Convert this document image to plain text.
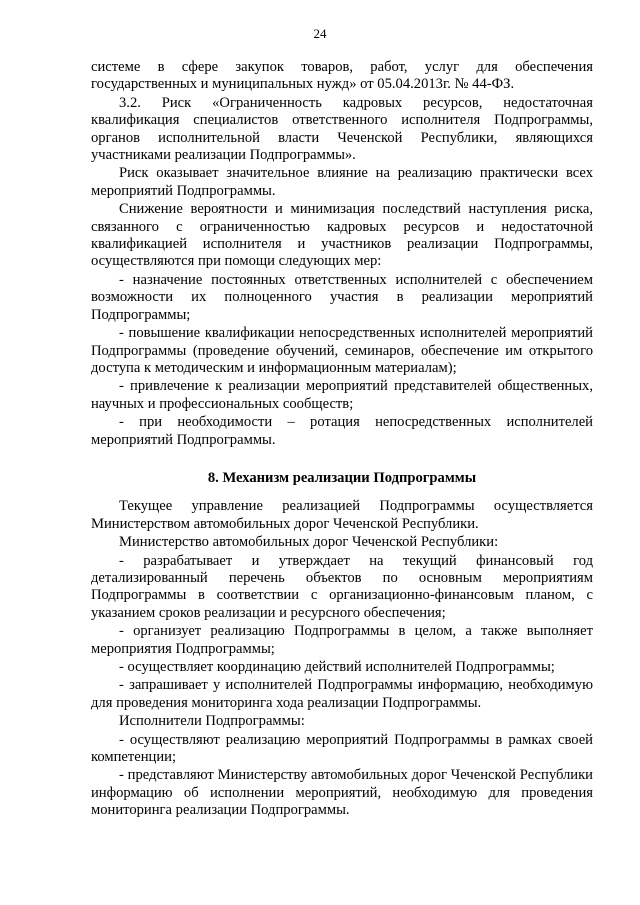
24

системе в сфере закупок товаров, работ, услуг для обеспечения государственных и муниципальных нужд» от 05.04.2013г. № 44-ФЗ.

3.2. Риск «Ограниченность кадровых ресурсов, недостаточная квалификация специалистов ответственного исполнителя Подпрограммы, органов исполнительной власти Чеченской Республики, являющихся участниками реализации Подпрограммы».

Риск оказывает значительное влияние на реализацию практически всех мероприятий Подпрограммы.

Снижение вероятности и минимизация последствий наступления риска, связанного с ограниченностью кадровых ресурсов и недостаточной квалификацией исполнителя и участников реализации Подпрограммы, осуществляются при помощи следующих мер:

- назначение постоянных ответственных исполнителей с обеспечением возможности их полноценного участия в реализации мероприятий Подпрограммы;

- повышение квалификации непосредственных исполнителей мероприятий Подпрограммы (проведение обучений, семинаров, обеспечение им открытого доступа к методическим и информационным материалам);

- привлечение к реализации мероприятий представителей общественных, научных и профессиональных сообществ;

- при необходимости – ротация непосредственных исполнителей мероприятий Подпрограммы.

8. Механизм реализации Подпрограммы

Текущее управление реализацией Подпрограммы осуществляется Министерством автомобильных дорог Чеченской Республики.

Министерство автомобильных дорог Чеченской Республики:

- разрабатывает и утверждает на текущий финансовый год детализированный перечень объектов по основным мероприятиям Подпрограммы в соответствии с организационно-финансовым планом, с указанием сроков реализации и ресурсного обеспечения;

- организует реализацию Подпрограммы в целом, а также выполняет мероприятия Подпрограммы;

- осуществляет координацию действий исполнителей Подпрограммы;

- запрашивает у исполнителей Подпрограммы информацию, необходимую для проведения мониторинга хода реализации Подпрограммы.

Исполнители Подпрограммы:

- осуществляют реализацию мероприятий Подпрограммы в рамках своей компетенции;

- представляют Министерству автомобильных дорог Чеченской Республики информацию об исполнении мероприятий, необходимую для проведения мониторинга реализации Подпрограммы.
